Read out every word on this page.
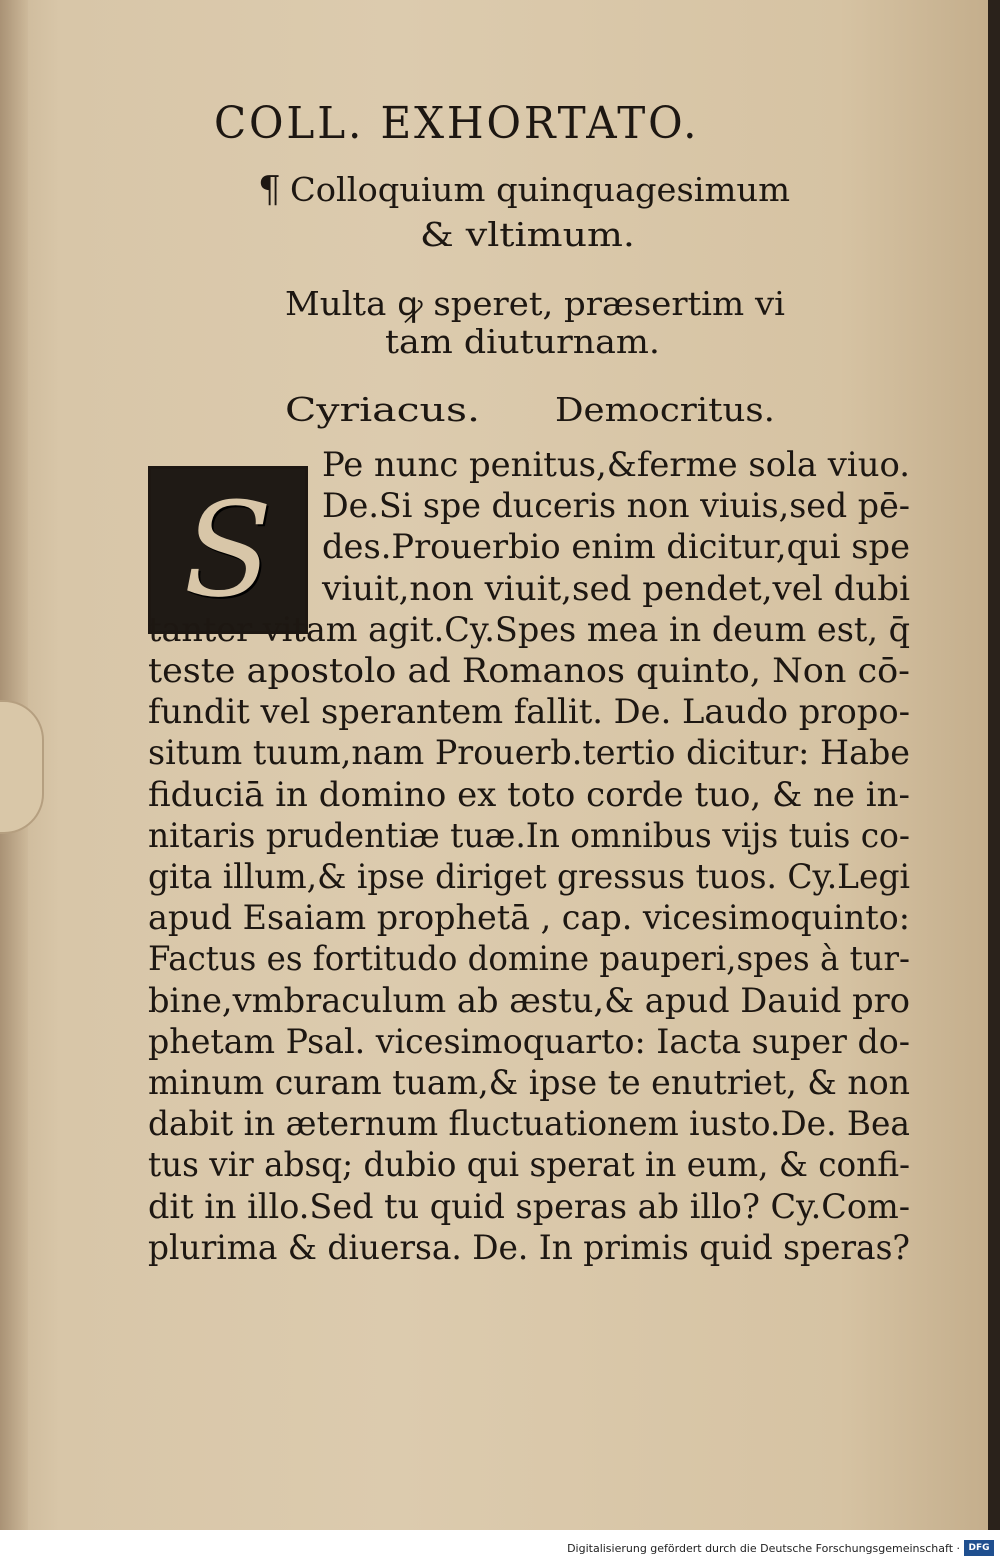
COLL. EXHORTATO.
¶ Colloquium quinquagesimum
& vltimum.
Multa ꝙ speret, præsertim vi
tam diuturnam.
Cyriacus. Democritus.
S
Pe nunc penitus,&ferme sola viuo.
De.Si spe duceris non viuis,sed pē-
des.Prouerbio enim dicitur,qui spe
viuit,non viuit,sed pendet,vel dubi
tanter vitam agit.Cy.Spes mea in deum est, q̄
teste apostolo ad Romanos quinto, Non cō-
fundit vel sperantem fallit. De. Laudo propo-
situm tuum,nam Prouerb.tertio dicitur: Habe
fiduciā in domino ex toto corde tuo, & ne in-
nitaris prudentiæ tuæ.In omnibus vijs tuis co-
gita illum,& ipse diriget gressus tuos. Cy.Legi
apud Esaiam prophetā , cap. vicesimoquinto:
Factus es fortitudo domine pauperi,spes à tur-
bine,vmbraculum ab æstu,& apud Dauid pro
phetam Psal. vicesimoquarto: Iacta super do-
minum curam tuam,& ipse te enutriet, & non
dabit in æternum fluctuationem iusto.De. Bea
tus vir absq; dubio qui sperat in eum, & confi-
dit in illo.Sed tu quid speras ab illo? Cy.Com-
plurima & diuersa. De. In primis quid speras?
Digitalisierung gefördert durch die Deutsche Forschungsgemeinschaft · DFG
